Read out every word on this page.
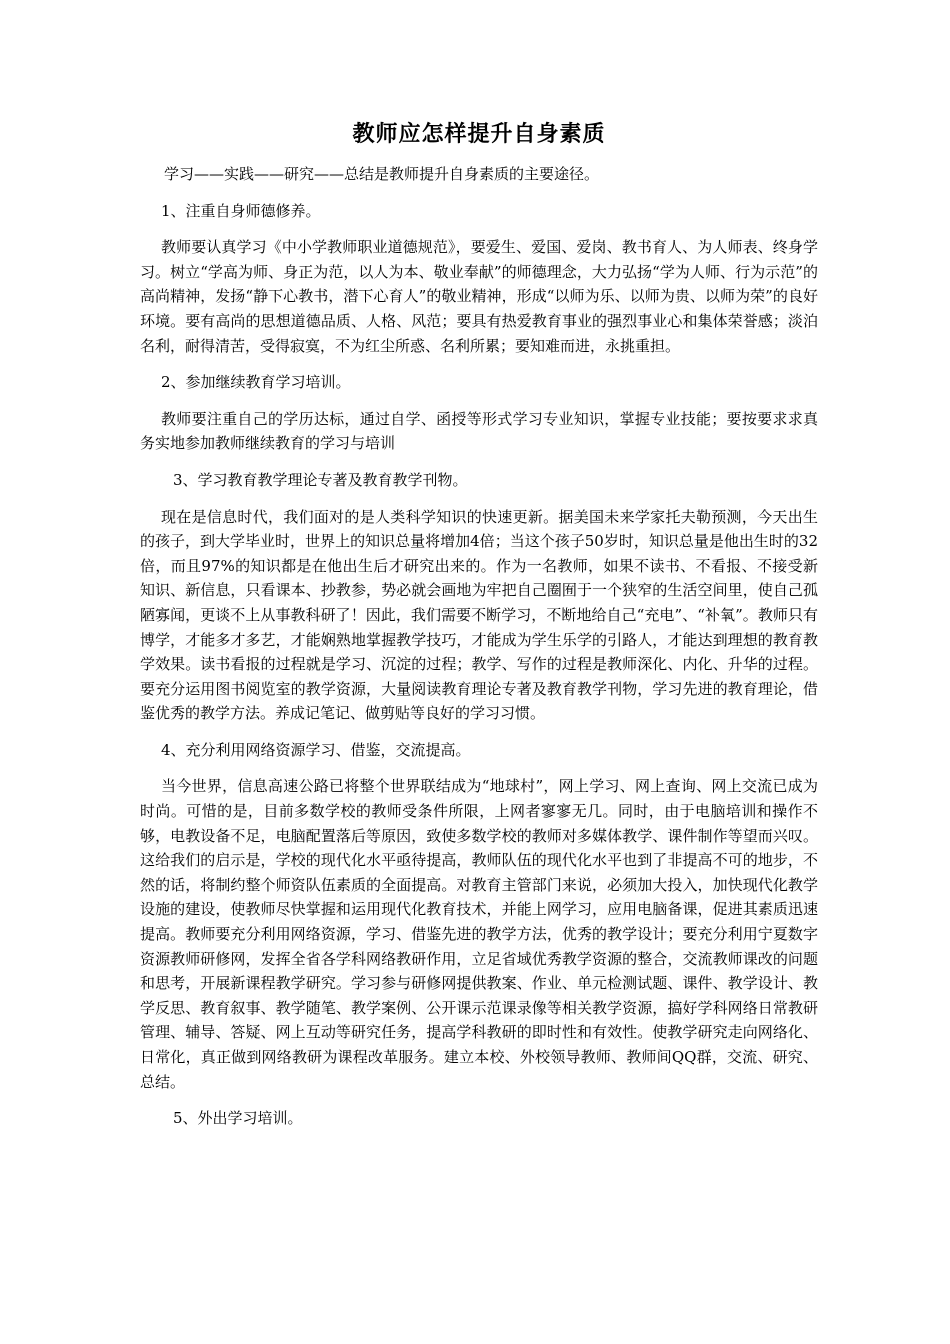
教师应怎样提升自身素质

学习——实践——研究——总结是教师提升自身素质的主要途径。

1、注重自身师德修养。

教师要认真学习《中小学教师职业道德规范》，要爱生、爱国、爱岗、教书育人、为人师表、终身学习。树立“学高为师、身正为范，以人为本、敬业奉献”的师德理念，大力弘扬“学为人师、行为示范”的高尚精神，发扬“静下心教书，潜下心育人”的敬业精神，形成“以师为乐、以师为贵、以师为荣”的良好环境。要有高尚的思想道德品质、人格、风范；要具有热爱教育事业的强烈事业心和集体荣誉感；淡泊名利，耐得清苦，受得寂寞，不为红尘所惑、名利所累；要知难而进，永挑重担。

2、参加继续教育学习培训。

教师要注重自己的学历达标，通过自学、函授等形式学习专业知识，掌握专业技能；要按要求求真务实地参加教师继续教育的学习与培训

3、学习教育教学理论专著及教育教学刊物。

现在是信息时代，我们面对的是人类科学知识的快速更新。据美国未来学家托夫勒预测，今天出生的孩子，到大学毕业时，世界上的知识总量将增加4倍；当这个孩子50岁时，知识总量是他出生时的32倍，而且97%的知识都是在他出生后才研究出来的。作为一名教师，如果不读书、不看报、不接受新知识、新信息，只看课本、抄教参，势必就会画地为牢把自己圈囿于一个狭窄的生活空间里，使自己孤陋寡闻，更谈不上从事教科研了！因此，我们需要不断学习，不断地给自己“充电”、“补氧”。教师只有博学，才能多才多艺，才能娴熟地掌握教学技巧，才能成为学生乐学的引路人，才能达到理想的教育教学效果。读书看报的过程就是学习、沉淀的过程；教学、写作的过程是教师深化、内化、升华的过程。要充分运用图书阅览室的教学资源，大量阅读教育理论专著及教育教学刊物，学习先进的教育理论，借鉴优秀的教学方法。养成记笔记、做剪贴等良好的学习习惯。

4、充分利用网络资源学习、借鉴，交流提高。

当今世界，信息高速公路已将整个世界联结成为“地球村”，网上学习、网上查询、网上交流已成为时尚。可惜的是，目前多数学校的教师受条件所限，上网者寥寥无几。同时，由于电脑培训和操作不够，电教设备不足，电脑配置落后等原因，致使多数学校的教师对多媒体教学、课件制作等望而兴叹。这给我们的启示是，学校的现代化水平亟待提高，教师队伍的现代化水平也到了非提高不可的地步，不然的话，将制约整个师资队伍素质的全面提高。对教育主管部门来说，必须加大投入，加快现代化教学设施的建设，使教师尽快掌握和运用现代化教育技术，并能上网学习，应用电脑备课，促进其素质迅速提高。教师要充分利用网络资源，学习、借鉴先进的教学方法，优秀的教学设计；要充分利用宁夏数字资源教师研修网，发挥全省各学科网络教研作用，立足省域优秀教学资源的整合，交流教师课改的问题和思考，开展新课程教学研究。学习参与研修网提供教案、作业、单元检测试题、课件、教学设计、教学反思、教育叙事、教学随笔、教学案例、公开课示范课录像等相关教学资源，搞好学科网络日常教研管理、辅导、答疑、网上互动等研究任务，提高学科教研的即时性和有效性。使教学研究走向网络化、日常化，真正做到网络教研为课程改革服务。建立本校、外校领导教师、教师间QQ群，交流、研究、总结。

5、外出学习培训。
